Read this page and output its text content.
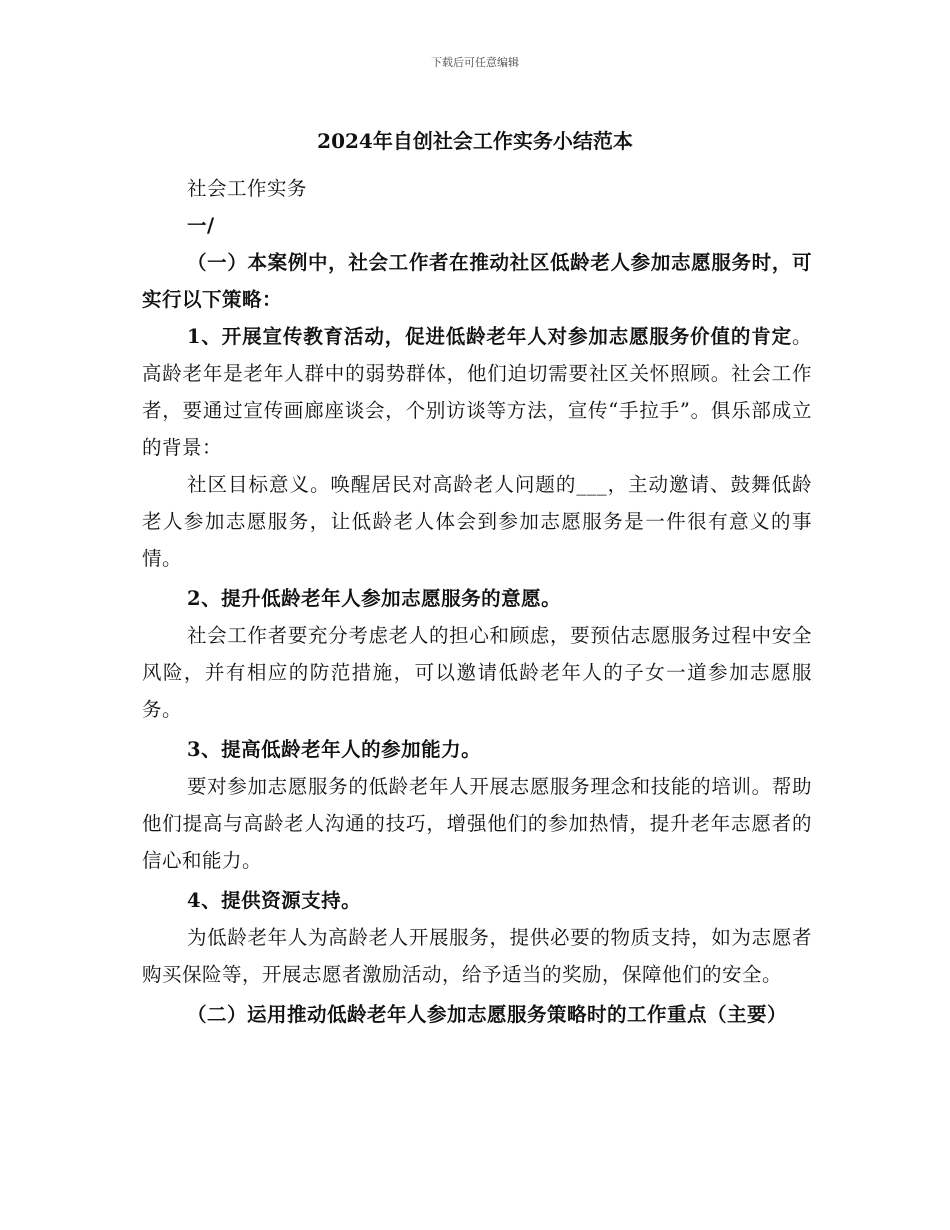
下载后可任意编辑
2024年自创社会工作实务小结范本

社会工作实务

一/

（一）本案例中，社会工作者在推动社区低龄老人参加志愿服务时，可实行以下策略：

1、开展宣传教育活动，促进低龄老年人对参加志愿服务价值的肯定。高龄老年是老年人群中的弱势群体，他们迫切需要社区关怀照顾。社会工作者，要通过宣传画廊座谈会，个别访谈等方法，宣传“手拉手”。俱乐部成立的背景：

社区目标意义。唤醒居民对高龄老人问题的___，主动邀请、鼓舞低龄老人参加志愿服务，让低龄老人体会到参加志愿服务是一件很有意义的事情。

2、提升低龄老年人参加志愿服务的意愿。

社会工作者要充分考虑老人的担心和顾虑，要预估志愿服务过程中安全风险，并有相应的防范措施，可以邀请低龄老年人的子女一道参加志愿服务。

3、提高低龄老年人的参加能力。

要对参加志愿服务的低龄老年人开展志愿服务理念和技能的培训。帮助他们提高与高龄老人沟通的技巧，增强他们的参加热情，提升老年志愿者的信心和能力。

4、提供资源支持。

为低龄老年人为高龄老人开展服务，提供必要的物质支持，如为志愿者购买保险等，开展志愿者激励活动，给予适当的奖励，保障他们的安全。

（二）运用推动低龄老年人参加志愿服务策略时的工作重点（主要）
